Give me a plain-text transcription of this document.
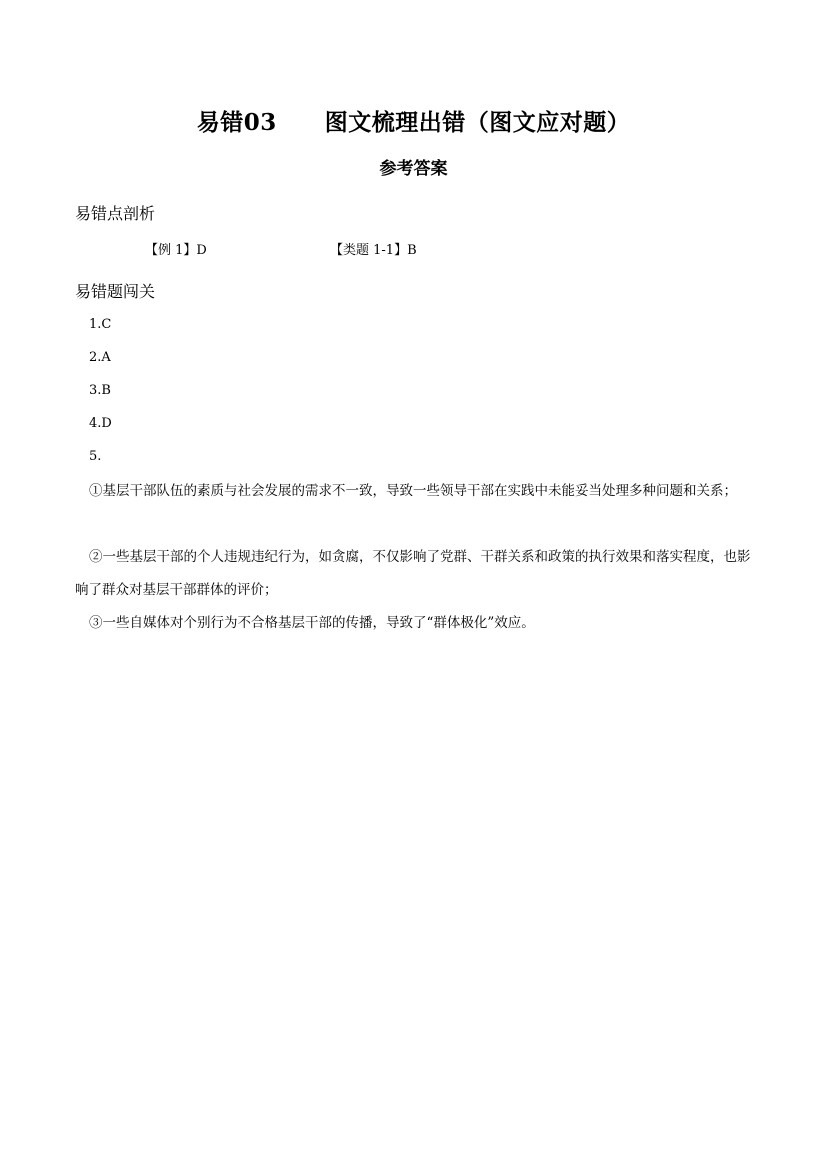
易错03 图文梳理出错（图文应对题）
参考答案
易错点剖析
【例 1】D	【类题 1-1】B
易错题闯关
1.C
2.A
3.B
4.D
5.
①基层干部队伍的素质与社会发展的需求不一致，导致一些领导干部在实践中未能妥当处理多种问题和关系；
②一些基层干部的个人违规违纪行为，如贪腐，不仅影响了党群、干群关系和政策的执行效果和落实程度，也影响了群众对基层干部群体的评价；
③一些自媒体对个别行为不合格基层干部的传播，导致了“群体极化”效应。
